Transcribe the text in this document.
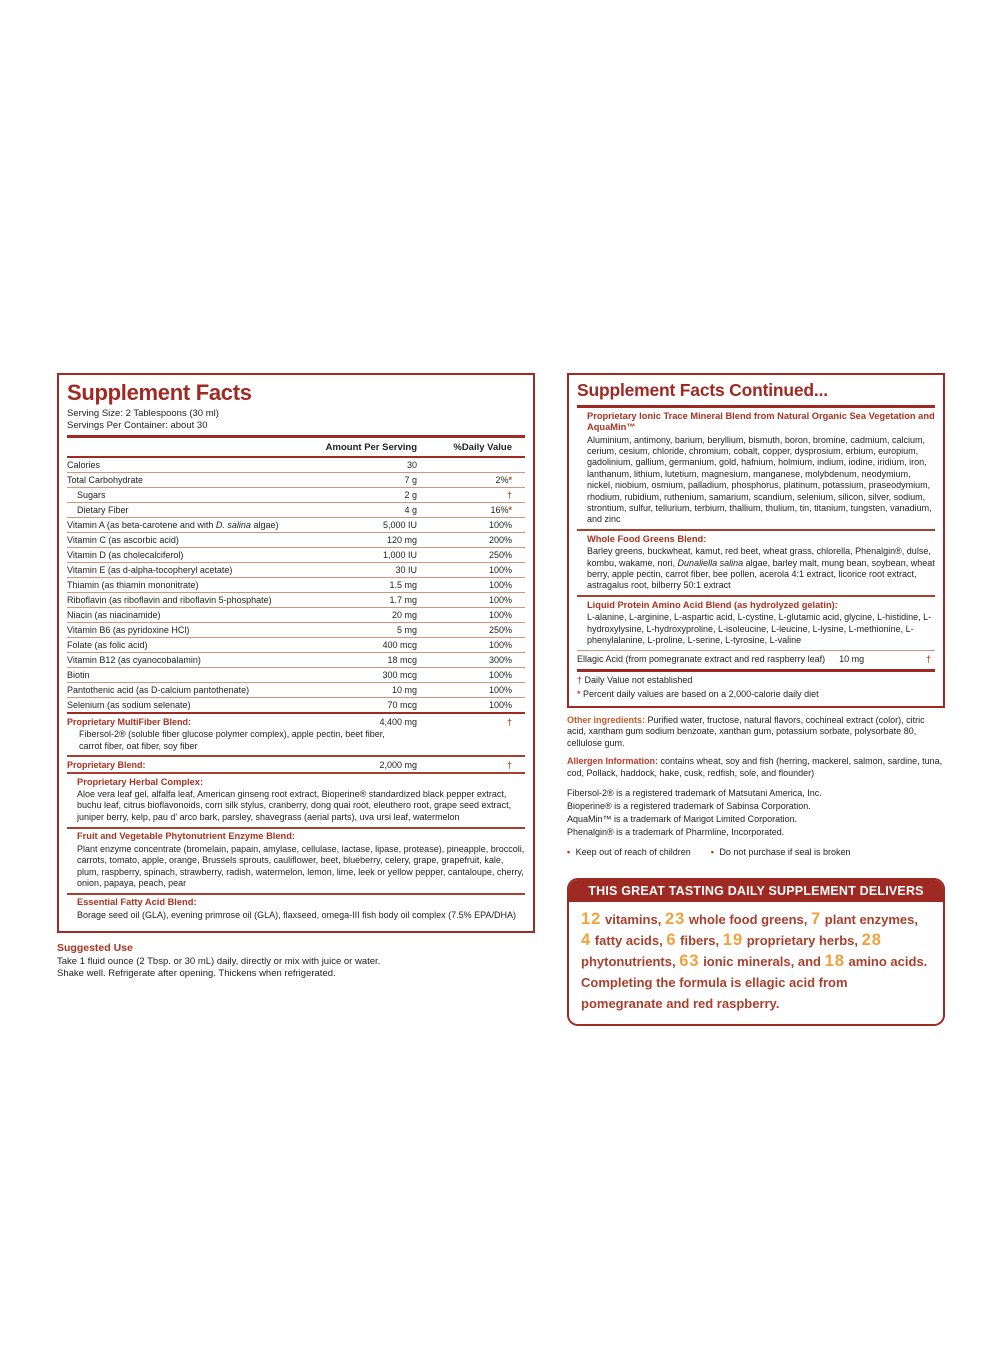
Supplement Facts
Serving Size: 2 Tablespoons (30 ml)
Servings Per Container: about 30
Amount Per Serving	%Daily Value
Calories	30
Total Carbohydrate	7 g	2%*
Sugars	2 g	†
Dietary Fiber	4 g	16%*
Vitamin A (as beta-carotene and with D. salina algae)	5,000 IU	100%
Vitamin C (as ascorbic acid)	120 mg	200%
Vitamin D (as cholecalciferol)	1,000 IU	250%
Vitamin E (as d-alpha-tocopheryl acetate)	30 IU	100%
Thiamin (as thiamin mononitrate)	1.5 mg	100%
Riboflavin (as riboflavin and riboflavin 5-phosphate)	1.7 mg	100%
Niacin (as niacinamide)	20 mg	100%
Vitamin B6 (as pyridoxine HCl)	5 mg	250%
Folate (as folic acid)	400 mcg	100%
Vitamin B12 (as cyanocobalamin)	18 mcg	300%
Biotin	300 mcg	100%
Pantothenic acid (as D-calcium pantothenate)	10 mg	100%
Selenium (as sodium selenate)	70 mcg	100%
Proprietary MultiFiber Blend:	4,400 mg	†
Fibersol-2® (soluble fiber glucose polymer complex), apple pectin, beet fiber, carrot fiber, oat fiber, soy fiber
Proprietary Blend:	2,000 mg	†
Proprietary Herbal Complex:
Aloe vera leaf gel, alfalfa leaf, American ginseng root extract, Bioperine® standardized black pepper extract, buchu leaf, citrus bioflavonoids, corn silk stylus, cranberry, dong quai root, eleuthero root, grape seed extract, juniper berry, kelp, pau d' arco bark, parsley, shavegrass (aerial parts), uva ursi leaf, watermelon
Fruit and Vegetable Phytonutrient Enzyme Blend:
Plant enzyme concentrate (bromelain, papain, amylase, cellulase, lactase, lipase, protease), pineapple, broccoli, carrots, tomato, apple, orange, Brussels sprouts, cauliflower, beet, blueberry, celery, grape, grapefruit, kale, plum, raspberry, spinach, strawberry, radish, watermelon, lemon, lime, leek or yellow pepper, cantaloupe, cherry, onion, papaya, peach, pear
Essential Fatty Acid Blend:
Borage seed oil (GLA), evening primrose oil (GLA), flaxseed, omega-III fish body oil complex (7.5% EPA/DHA)
Suggested Use
Take 1 fluid ounce (2 Tbsp. or 30 mL) daily, directly or mix with juice or water.
Shake well. Refrigerate after opening. Thickens when refrigerated.
Supplement Facts Continued...
Proprietary Ionic Trace Mineral Blend from Natural Organic Sea Vegetation and AquaMin™
Aluminium, antimony, barium, beryllium, bismuth, boron, bromine, cadmium, calcium, cerium, cesium, chloride, chromium, cobalt, copper, dysprosium, erbium, europium, gadolinium, gallium, germanium, gold, hafnium, holmium, indium, iodine, iridium, iron, lanthanum, lithium, lutetium, magnesium, manganese, molybdenum, neodymium, nickel, niobium, osmium, palladium, phosphorus, platinum, potassium, praseodymium, rhodium, rubidium, ruthenium, samarium, scandium, selenium, silicon, silver, sodium, strontium, sulfur, tellurium, terbium, thallium, thulium, tin, titanium, tungsten, vanadium, and zinc
Whole Food Greens Blend:
Barley greens, buckwheat, kamut, red beet, wheat grass, chlorella, Phenalgin®, dulse, kombu, wakame, nori, Dunaliella salina algae, barley malt, mung bean, soybean, wheat berry, apple pectin, carrot fiber, bee pollen, acerola 4:1 extract, licorice root extract, astragalus root, bilberry 50:1 extract
Liquid Protein Amino Acid Blend (as hydrolyzed gelatin):
L-alanine, L-arginine, L-aspartic acid, L-cystine, L-glutamic acid, glycine, L-histidine, L-hydroxylysine, L-hydroxyproline, L-isoleucine, L-leucine, L-lysine, L-methionine, L-phenylalanine, L-proline, L-serine, L-tyrosine, L-valine
Ellagic Acid (from pomegranate extract and red raspberry leaf) 10 mg	†
† Daily Value not established
* Percent daily values are based on a 2,000-calorie daily diet
Other ingredients: Purified water, fructose, natural flavors, cochineal extract (color), citric acid, xantham gum sodium benzoate, xanthan gum, potassium sorbate, polysorbate 80, cellulose gum.
Allergen Information: contains wheat, soy and fish (herring, mackerel, salmon, sardine, tuna, cod, Pollack, haddock, hake, cusk, redfish, sole, and flounder)
Fibersol-2® is a registered trademark of Matsutani America, Inc.
Bioperine® is a registered trademark of Sabinsa Corporation.
AquaMin™ is a trademark of Marigot Limited Corporation.
Phenalgin® is a trademark of Pharmline, Incorporated.
• Keep out of reach of children • Do not purchase if seal is broken
THIS GREAT TASTING DAILY SUPPLEMENT DELIVERS
12 vitamins, 23 whole food greens, 7 plant enzymes, 4 fatty acids, 6 fibers, 19 proprietary herbs, 28 phytonutrients, 63 ionic minerals, and 18 amino acids. Completing the formula is ellagic acid from pomegranate and red raspberry.
